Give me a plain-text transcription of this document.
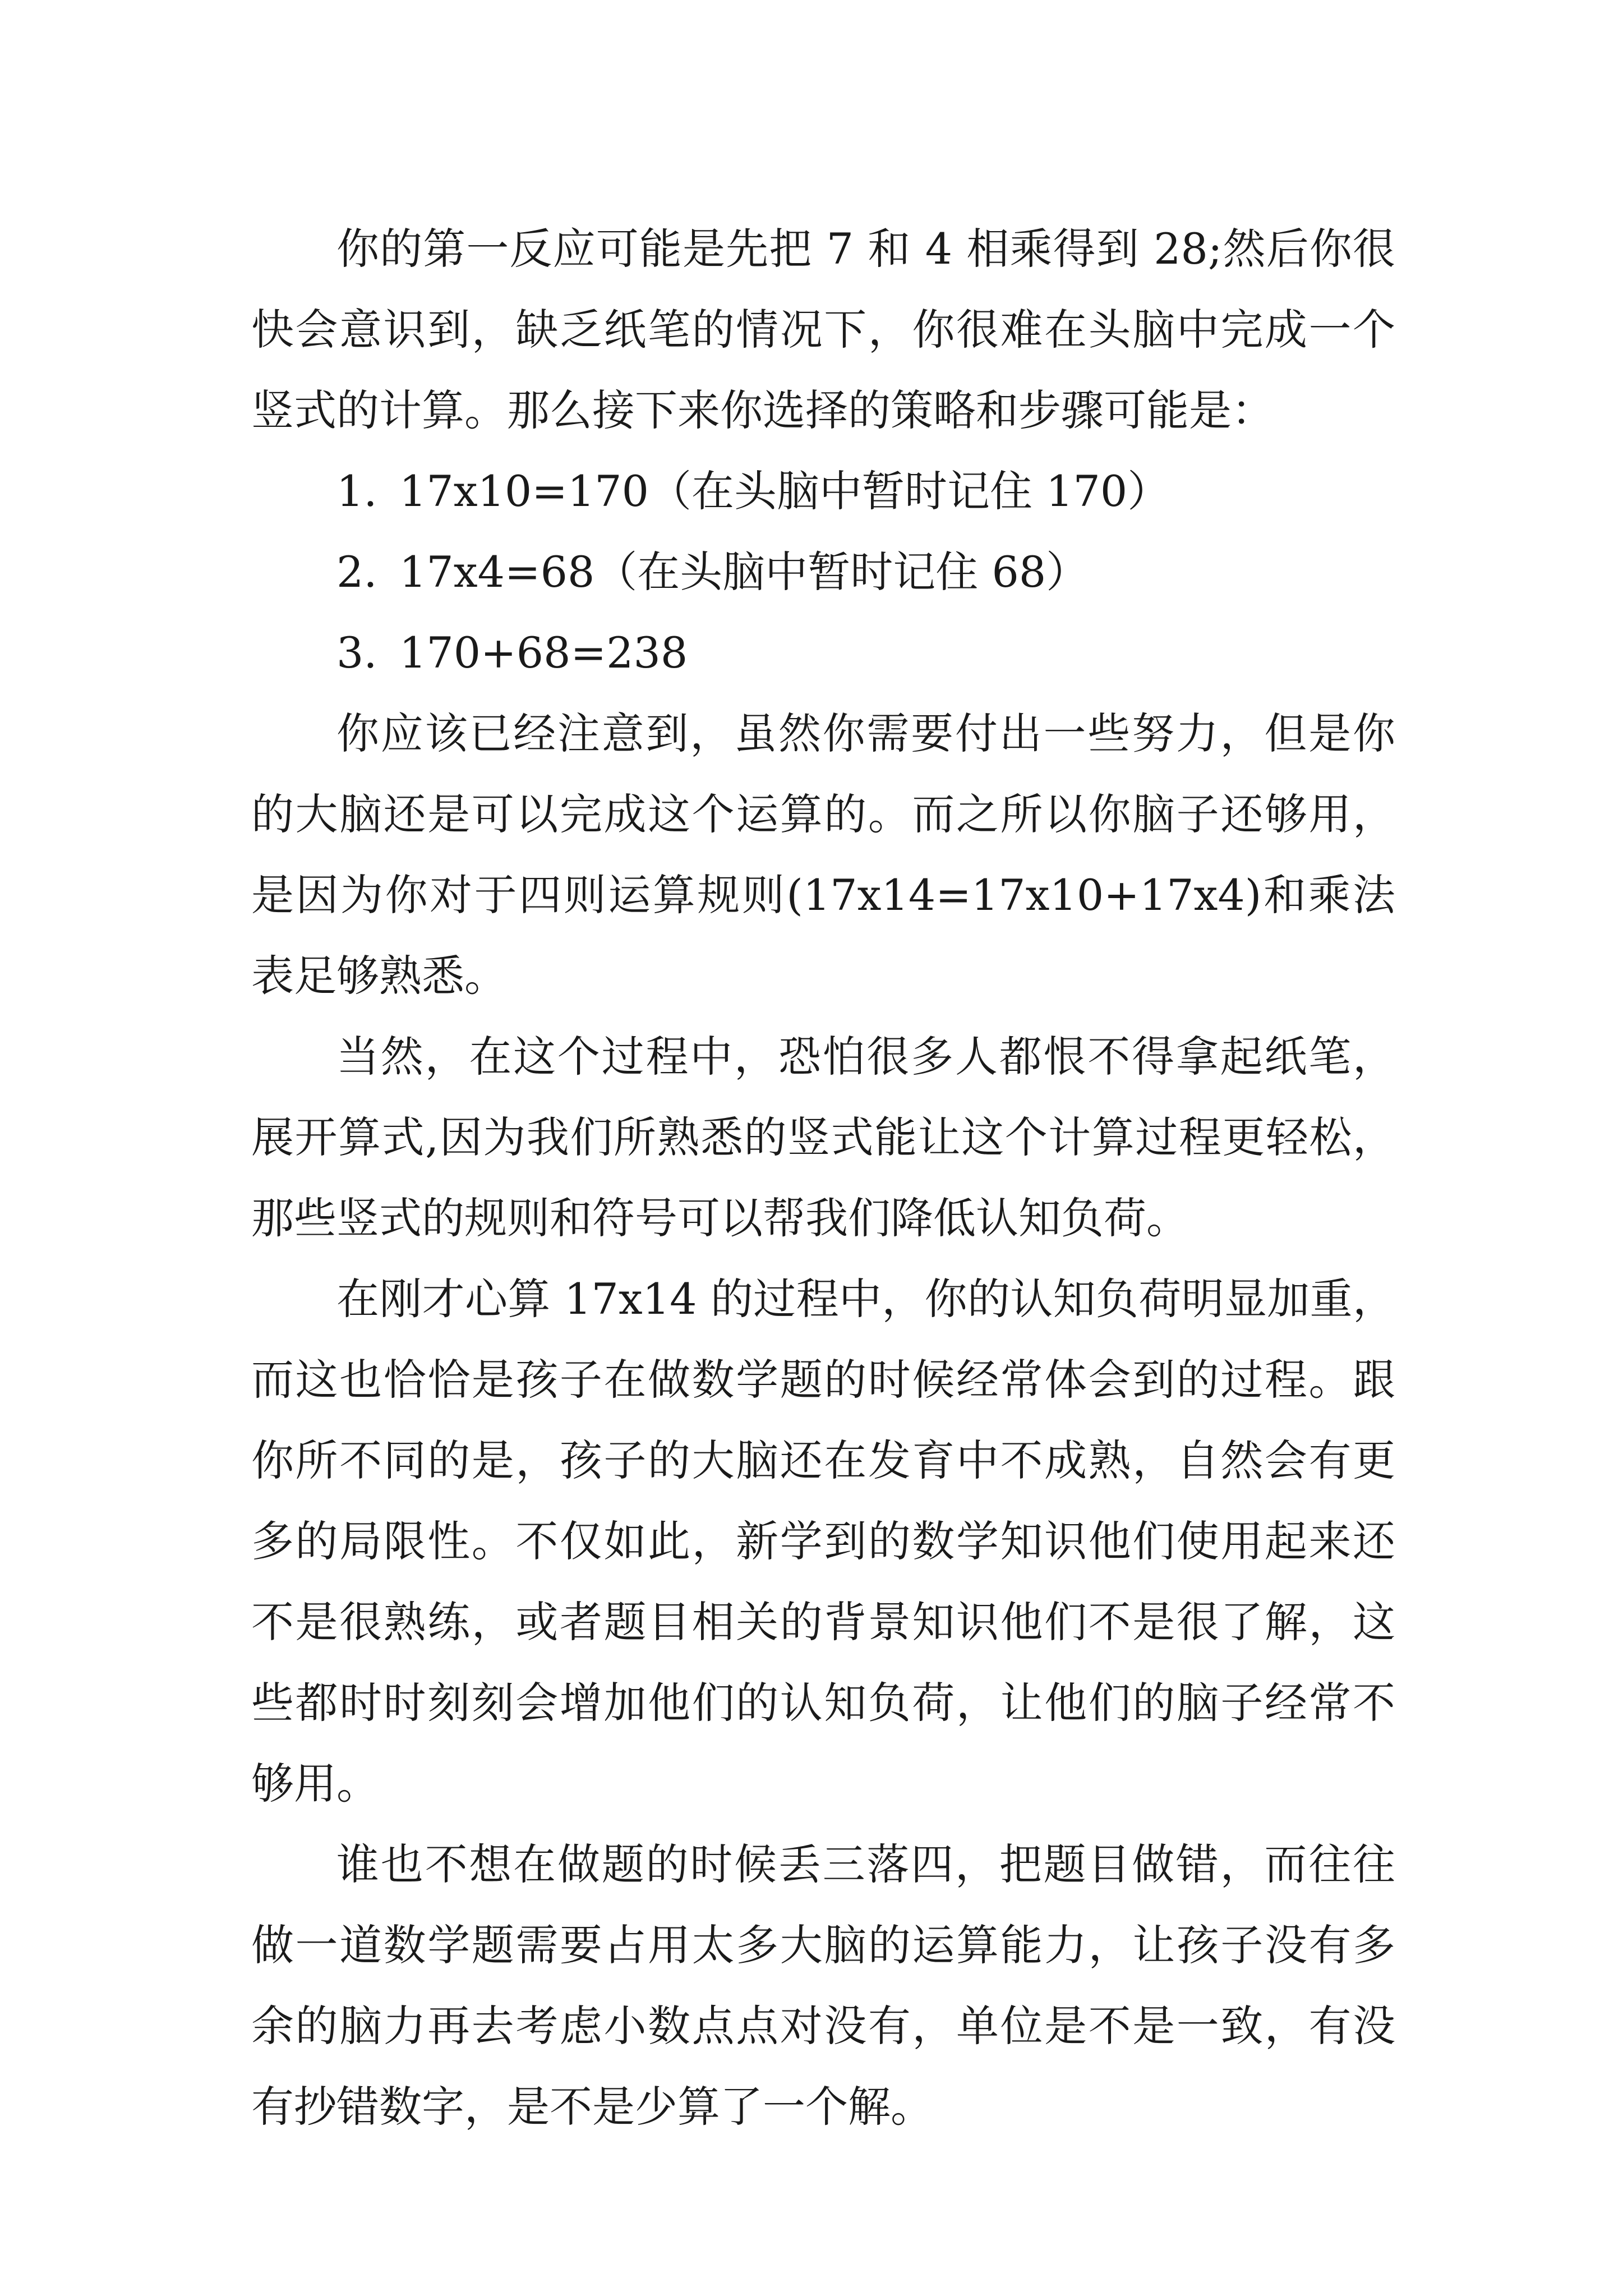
你的第一反应可能是先把 7 和 4 相乘得到 28;然后你很快会意识到，缺乏纸笔的情况下，你很难在头脑中完成一个竖式的计算。那么接下来你选择的策略和步骤可能是：

1. 17x10=170（在头脑中暂时记住 170）
2. 17x4=68（在头脑中暂时记住 68）
3. 170+68=238

你应该已经注意到，虽然你需要付出一些努力，但是你的大脑还是可以完成这个运算的。而之所以你脑子还够用，是因为你对于四则运算规则(17x14=17x10+17x4)和乘法表足够熟悉。

当然，在这个过程中，恐怕很多人都恨不得拿起纸笔，展开算式,因为我们所熟悉的竖式能让这个计算过程更轻松，那些竖式的规则和符号可以帮我们降低认知负荷。

在刚才心算 17x14 的过程中，你的认知负荷明显加重，而这也恰恰是孩子在做数学题的时候经常体会到的过程。跟你所不同的是，孩子的大脑还在发育中不成熟，自然会有更多的局限性。不仅如此，新学到的数学知识他们使用起来还不是很熟练，或者题目相关的背景知识他们不是很了解，这些都时时刻刻会增加他们的认知负荷，让他们的脑子经常不够用。

谁也不想在做题的时候丢三落四，把题目做错，而往往做一道数学题需要占用太多大脑的运算能力，让孩子没有多余的脑力再去考虑小数点点对没有，单位是不是一致，有没有抄错数字，是不是少算了一个解。
